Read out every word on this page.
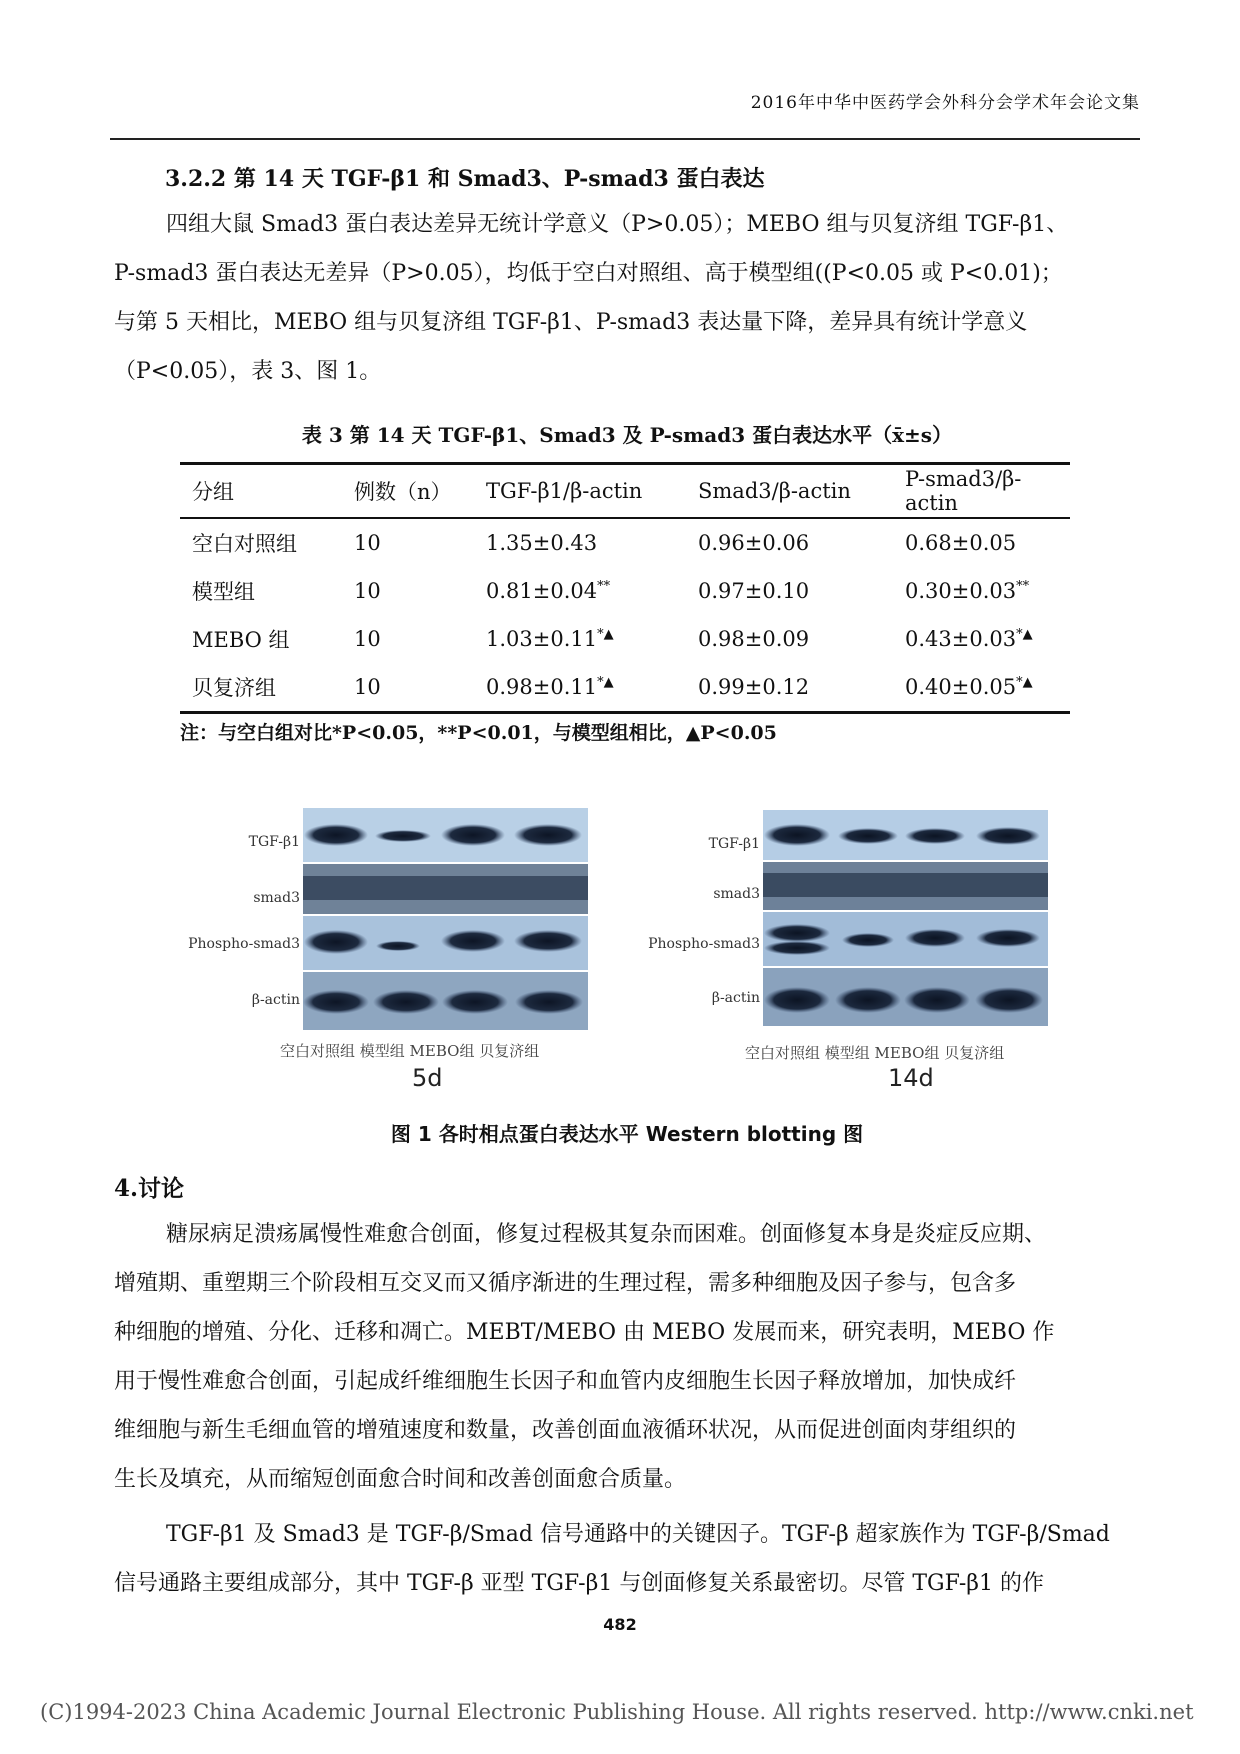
2016年中华中医药学会外科分会学术年会论文集
3.2.2 第 14 天 TGF-β1 和 Smad3、P-smad3 蛋白表达
四组大鼠 Smad3 蛋白表达差异无统计学意义（P>0.05）；MEBO 组与贝复济组 TGF-β1、
P-smad3 蛋白表达无差异（P>0.05），均低于空白对照组、高于模型组((P<0.05 或 P<0.01)；
与第 5 天相比，MEBO 组与贝复济组 TGF-β1、P-smad3 表达量下降，差异具有统计学意义
（P<0.05），表 3、图 1。
表 3 第 14 天 TGF-β1、Smad3 及 P-smad3 蛋白表达水平（x̄±s）
分组	例数（n）	TGF-β1/β-actin	Smad3/β-actin	P-smad3/β-actin
空白对照组	10	1.35±0.43	0.96±0.06	0.68±0.05
模型组	10	0.81±0.04**	0.97±0.10	0.30±0.03**
MEBO 组	10	1.03±0.11*▲	0.98±0.09	0.43±0.03*▲
贝复济组	10	0.98±0.11*▲	0.99±0.12	0.40±0.05*▲
注：与空白组对比*P<0.05，**P<0.01，与模型组相比，▲P<0.05
TGF-β1
smad3
Phospho-smad3
β-actin
空白对照组 模型组 MEBO组 贝复济组
5d
TGF-β1
smad3
Phospho-smad3
β-actin
空白对照组 模型组 MEBO组 贝复济组
14d
图 1 各时相点蛋白表达水平 Western blotting 图
4.讨论
糖尿病足溃疡属慢性难愈合创面，修复过程极其复杂而困难。创面修复本身是炎症反应期、
增殖期、重塑期三个阶段相互交叉而又循序渐进的生理过程，需多种细胞及因子参与，包含多
种细胞的增殖、分化、迁移和凋亡。MEBT/MEBO 由 MEBO 发展而来，研究表明，MEBO 作
用于慢性难愈合创面，引起成纤维细胞生长因子和血管内皮细胞生长因子释放增加，加快成纤
维细胞与新生毛细血管的增殖速度和数量，改善创面血液循环状况，从而促进创面肉芽组织的
生长及填充，从而缩短创面愈合时间和改善创面愈合质量。
TGF-β1 及 Smad3 是 TGF-β/Smad 信号通路中的关键因子。TGF-β 超家族作为 TGF-β/Smad
信号通路主要组成部分，其中 TGF-β 亚型 TGF-β1 与创面修复关系最密切。尽管 TGF-β1 的作
482
(C)1994-2023 China Academic Journal Electronic Publishing House. All rights reserved. http://www.cnki.net
